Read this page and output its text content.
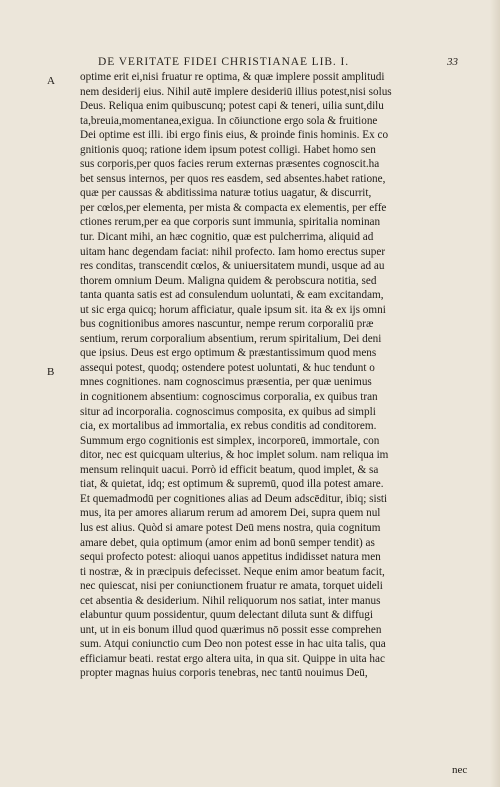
DE VERITATE FIDEI CHRISTIANAE LIB. I.	33
A
B
optime erit ei,nisi fruatur re optima, & quæ implere possit amplitudi
nem desiderij eius. Nihil autē implere desideriū illius potest,nisi solus
Deus. Reliqua enim quibuscunq; potest capi & teneri, uilia sunt,dilu
ta,breuia,momentanea,exigua. In cōiunctione ergo sola & fruitione
Dei optime est illi. ibi ergo finis eius, & proinde finis hominis. Ex co
gnitionis quoq; ratione idem ipsum potest colligi. Habet homo sen
sus corporis,per quos facies rerum externas præsentes cognoscit.ha
bet sensus internos, per quos res easdem, sed absentes.habet ratione,
quæ per caussas & abditissima naturæ totius uagatur, & discurrit,
per cœlos,per elementa, per mista & compacta ex elementis, per effe
ctiones rerum,per ea que corporis sunt immunia, spiritalia nominan
tur. Dicant mihi, an hæc cognitio, quæ est pulcherrima, aliquid ad
uitam hanc degendam faciat: nihil profecto. Iam homo erectus super
res conditas, transcendit cœlos, & uniuersitatem mundi, usque ad au
thorem omnium Deum. Maligna quidem & perobscura notitia, sed
tanta quanta satis est ad consulendum uoluntati, & eam excitandam,
ut sic erga quicq; horum afficiatur, quale ipsum sit. ita & ex ijs omni
bus cognitionibus amores nascuntur, nempe rerum corporaliū præ
sentium, rerum corporalium absentium, rerum spiritalium, Dei deni
que ipsius. Deus est ergo optimum & præstantissimum quod mens
assequi potest, quodq; ostendere potest uoluntati, & huc tendunt o
mnes cognitiones. nam cognoscimus præsentia, per quæ uenimus
in cognitionem absentium: cognoscimus corporalia, ex quibus tran
situr ad incorporalia. cognoscimus composita, ex quibus ad simpli
cia, ex mortalibus ad immortalia, ex rebus conditis ad conditorem.
Summum ergo cognitionis est simplex, incorporeū, immortale, con
ditor, nec est quicquam ulterius, & hoc implet solum. nam reliqua im
mensum relinquit uacui. Porrò id efficit beatum, quod implet, & sa
tiat, & quietat, idq; est optimum & supremū, quod illa potest amare.
Et quemadmodū per cognitiones alias ad Deum adscēditur, ibiq; sisti
mus, ita per amores aliarum rerum ad amorem Dei, supra quem nul
lus est alius. Quòd si amare potest Deū mens nostra, quia cognitum
amare debet, quia optimum (amor enim ad bonū semper tendit) as
sequi profecto potest: alioqui uanos appetitus indidisset natura men
ti nostræ, & in præcipuis defecisset. Neque enim amor beatum facit,
nec quiescat, nisi per coniunctionem fruatur re amata, torquet uideli
cet absentia & desiderium. Nihil reliquorum nos satiat, inter manus
elabuntur quum possidentur, quum delectant diluta sunt & diffugi
unt, ut in eis bonum illud quod quærimus nō possit esse comprehen
sum. Atqui coniunctio cum Deo non potest esse in hac uita talis, qua
efficiamur beati. restat ergo altera uita, in qua sit. Quippe in uita hac
propter magnas huius corporis tenebras, nec tantū nouimus Deū,
nec
